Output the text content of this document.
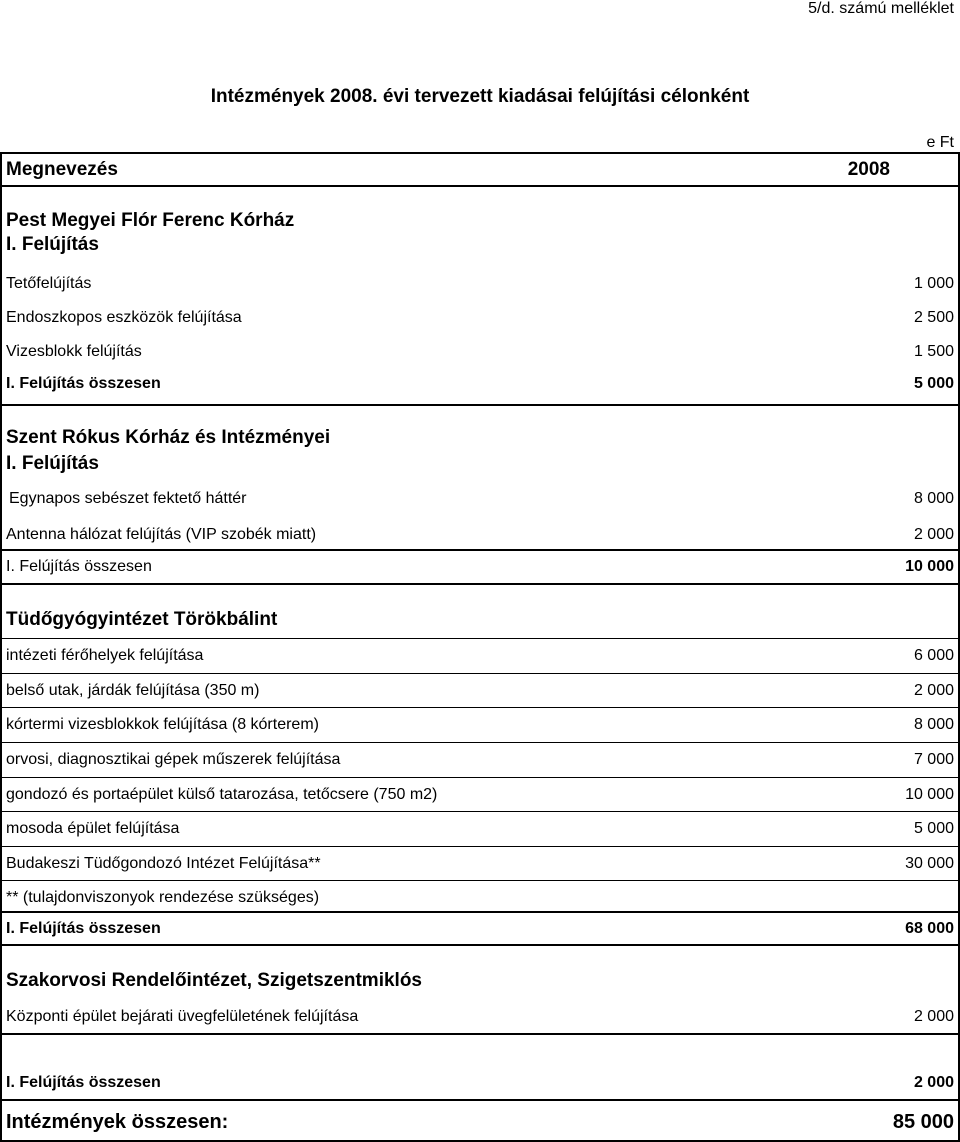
5/d. számú melléklet
Intézmények 2008. évi tervezett kiadásai felújítási célonként
e Ft
Megnevezés	2008
Pest Megyei Flór Ferenc Kórház
I. Felújítás
Tetőfelújítás	1 000
Endoszkopos eszközök felújítása	2 500
Vizesblokk felújítás	1 500
I. Felújítás összesen	5 000
Szent Rókus Kórház és Intézményei
I. Felújítás
Egynapos sebészet fektető háttér	8 000
Antenna hálózat felújítás (VIP szobék miatt)	2 000
I. Felújítás összesen	10 000
Tüdőgyógyintézet Törökbálint
intézeti férőhelyek felújítása	6 000
belső utak, járdák felújítása (350 m)	2 000
kórtermi vizesblokkok felújítása (8 kórterem)	8 000
orvosi, diagnosztikai gépek műszerek felújítása	7 000
gondozó és portaépület külső tatarozása, tetőcsere (750 m2)	10 000
mosoda épület felújítása	5 000
Budakeszi Tüdőgondozó Intézet Felújítása**	30 000
** (tulajdonviszonyok rendezése szükséges)
I. Felújítás összesen	68 000
Szakorvosi Rendelőintézet, Szigetszentmiklós
Központi épület bejárati üvegfelületének felújítása	2 000
I. Felújítás összesen	2 000
Intézmények összesen:	85 000
